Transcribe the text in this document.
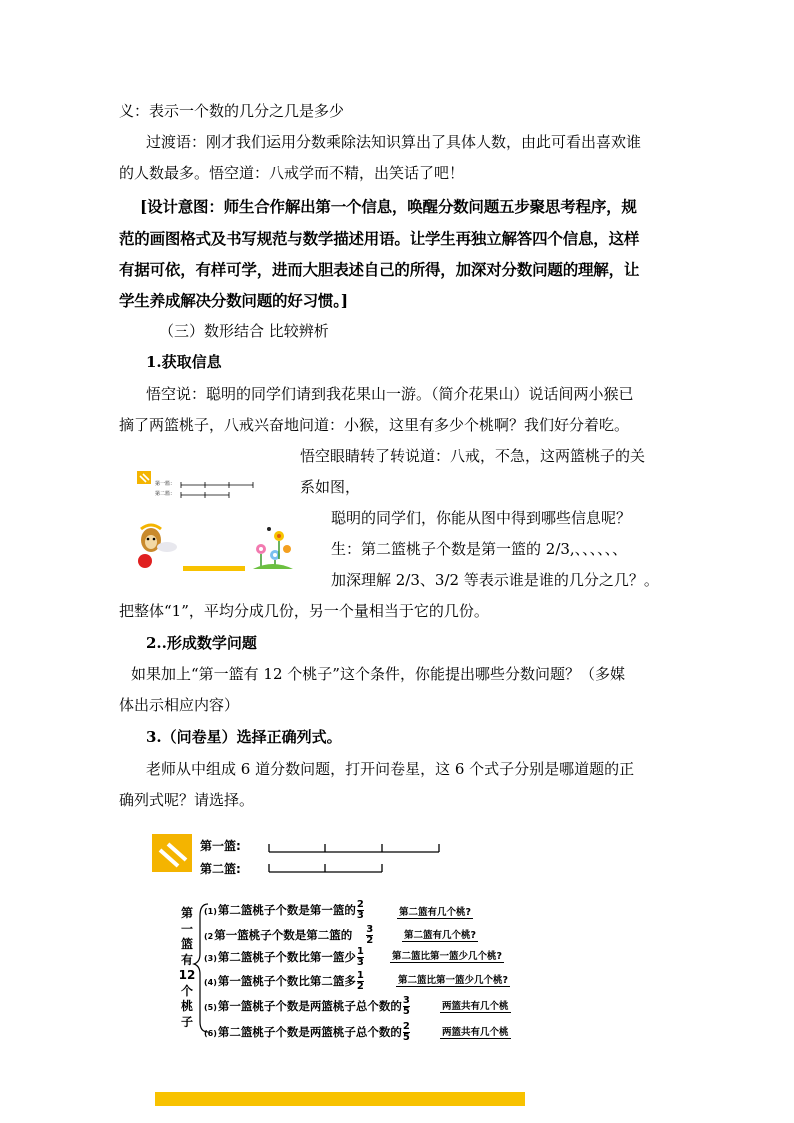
义：表示一个数的几分之几是多少
过渡语：刚才我们运用分数乘除法知识算出了具体人数，由此可看出喜欢谁
的人数最多。悟空道：八戒学而不精，出笑话了吧！
[设计意图：师生合作解出第一个信息，唤醒分数问题五步聚思考程序，规
范的画图格式及书写规范与数学描述用语。让学生再独立解答四个信息，这样
有据可依，有样可学，进而大胆表述自己的所得，加深对分数问题的理解，让
学生养成解决分数问题的好习惯。]
（三）数形结合 比较辨析
1.获取信息
悟空说：聪明的同学们请到我花果山一游。（简介花果山）说话间两小猴已
摘了两篮桃子，八戒兴奋地问道：小猴，这里有多少个桃啊？我们好分着吃。
悟空眼睛转了转说道：八戒，不急，这两篮桃子的关
系如图，
聪明的同学们，你能从图中得到哪些信息呢？
生：第二篮桃子个数是第一篮的 2/3,、、、、、、
加深理解 2/3、3/2 等表示谁是谁的几分之几？。
把整体“1”，平均分成几份，另一个量相当于它的几份。
2..形成数学问题
如果加上“第一篮有 12 个桃子”这个条件，你能提出哪些分数问题？（多媒
体出示相应内容）
3.（问卷星）选择正确列式。
老师从中组成 6 道分数问题，打开问卷星，这 6 个式子分别是哪道题的正
确列式呢？请选择。
第一篮：
第二篮：
第一篮:
第二篮:
第
一
篮
有
12
个
桃
子
(1)第二篮桃子个数是第一篮的 $\frac{2}{3}$	第二篮有几个桃?
(2第一篮桃子个数是第二篮的 $\frac{3}{2}$	第二篮有几个桃?
(3)第二篮桃子个数比第一篮少 $\frac{1}{3}$	第二篮比第一篮少几个桃?
(4)第一篮桃子个数比第二篮多 $\frac{1}{2}$	第二篮比第一篮少几个桃?
(5)第一篮桃子个数是两篮桃子总个数的 $\frac{3}{5}$	两篮共有几个桃
(6)第二篮桃子个数是两篮桃子总个数的 $\frac{2}{5}$	两篮共有几个桃
